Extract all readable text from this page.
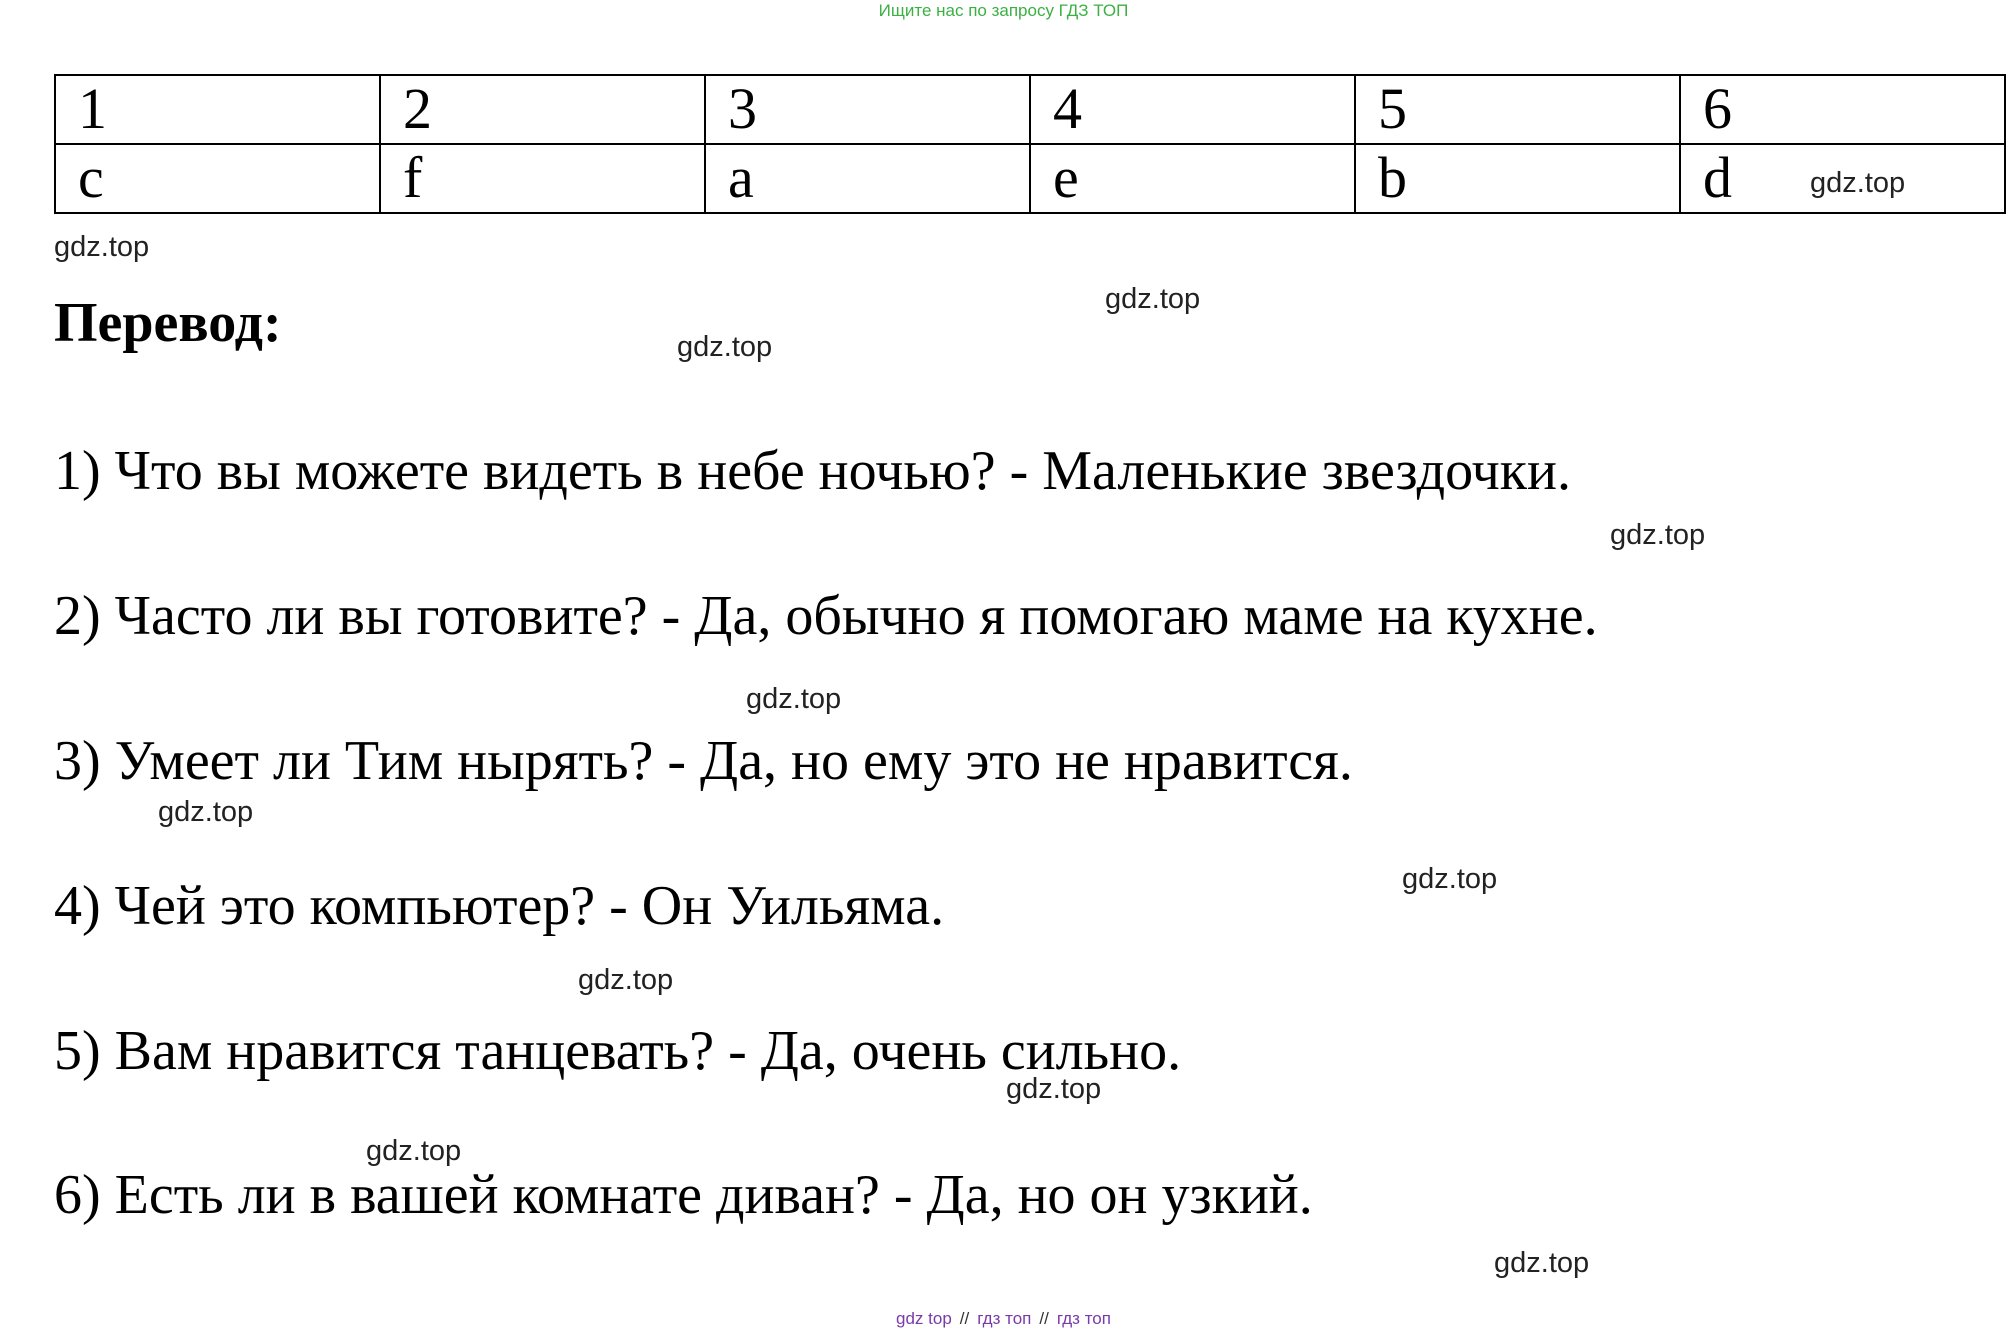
Ищите нас по запросу ГДЗ ТОП
1	2	3	4	5	6
c	f	a	e	b	d
Перевод:

1) Что вы можете видеть в небе ночью? - Маленькие звездочки.

2) Часто ли вы готовите? - Да, обычно я помогаю маме на кухне.

3) Умеет ли Тим нырять? - Да, но ему это не нравится.

4) Чей это компьютер? - Он Уильяма.

5) Вам нравится танцевать? - Да, очень сильно.

6) Есть ли в вашей комнате диван? - Да, но он узкий.

gdz.top
gdz.top
gdz.top
gdz.top
gdz.top
gdz.top
gdz.top
gdz.top
gdz.top
gdz.top
gdz.top
gdz.top
gdz top // гдз топ // гдз топ
